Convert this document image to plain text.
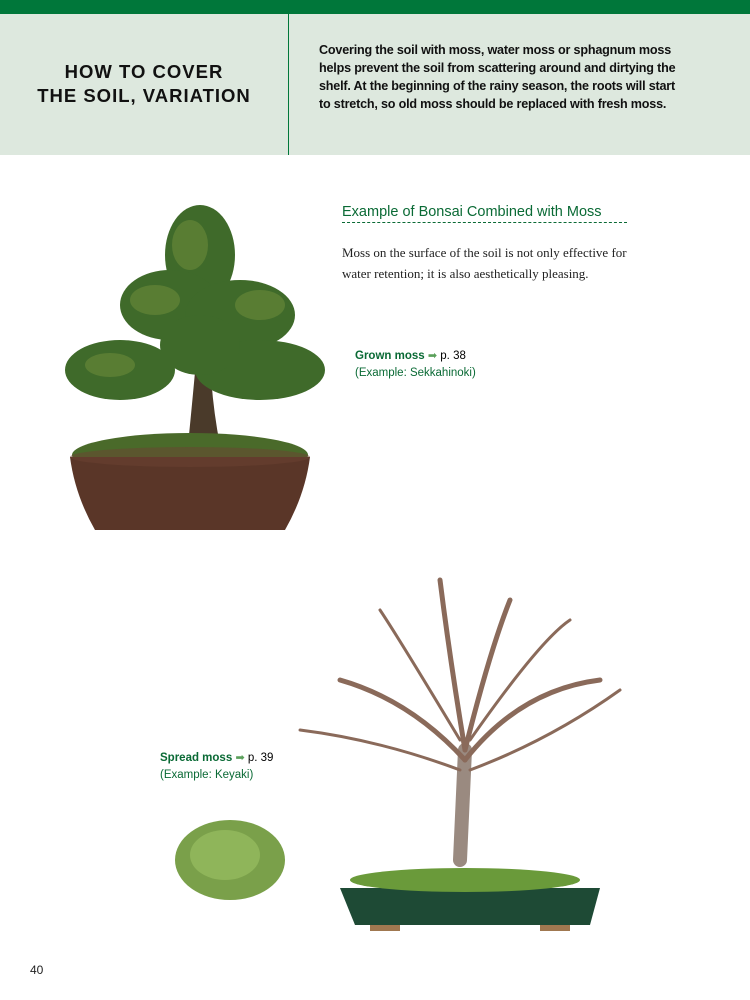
HOW TO COVER
THE SOIL, VARIATION
Covering the soil with moss, water moss or sphagnum moss helps prevent the soil from scattering around and dirtying the shelf. At the beginning of the rainy season, the roots will start to stretch, so old moss should be replaced with fresh moss.
Example of Bonsai Combined with Moss
Moss on the surface of the soil is not only effective for water retention; it is also aesthetically pleasing.
Grown moss ➡ p. 38
(Example: Sekkahinoki)
Spread moss ➡ p. 39
(Example: Keyaki)
40
